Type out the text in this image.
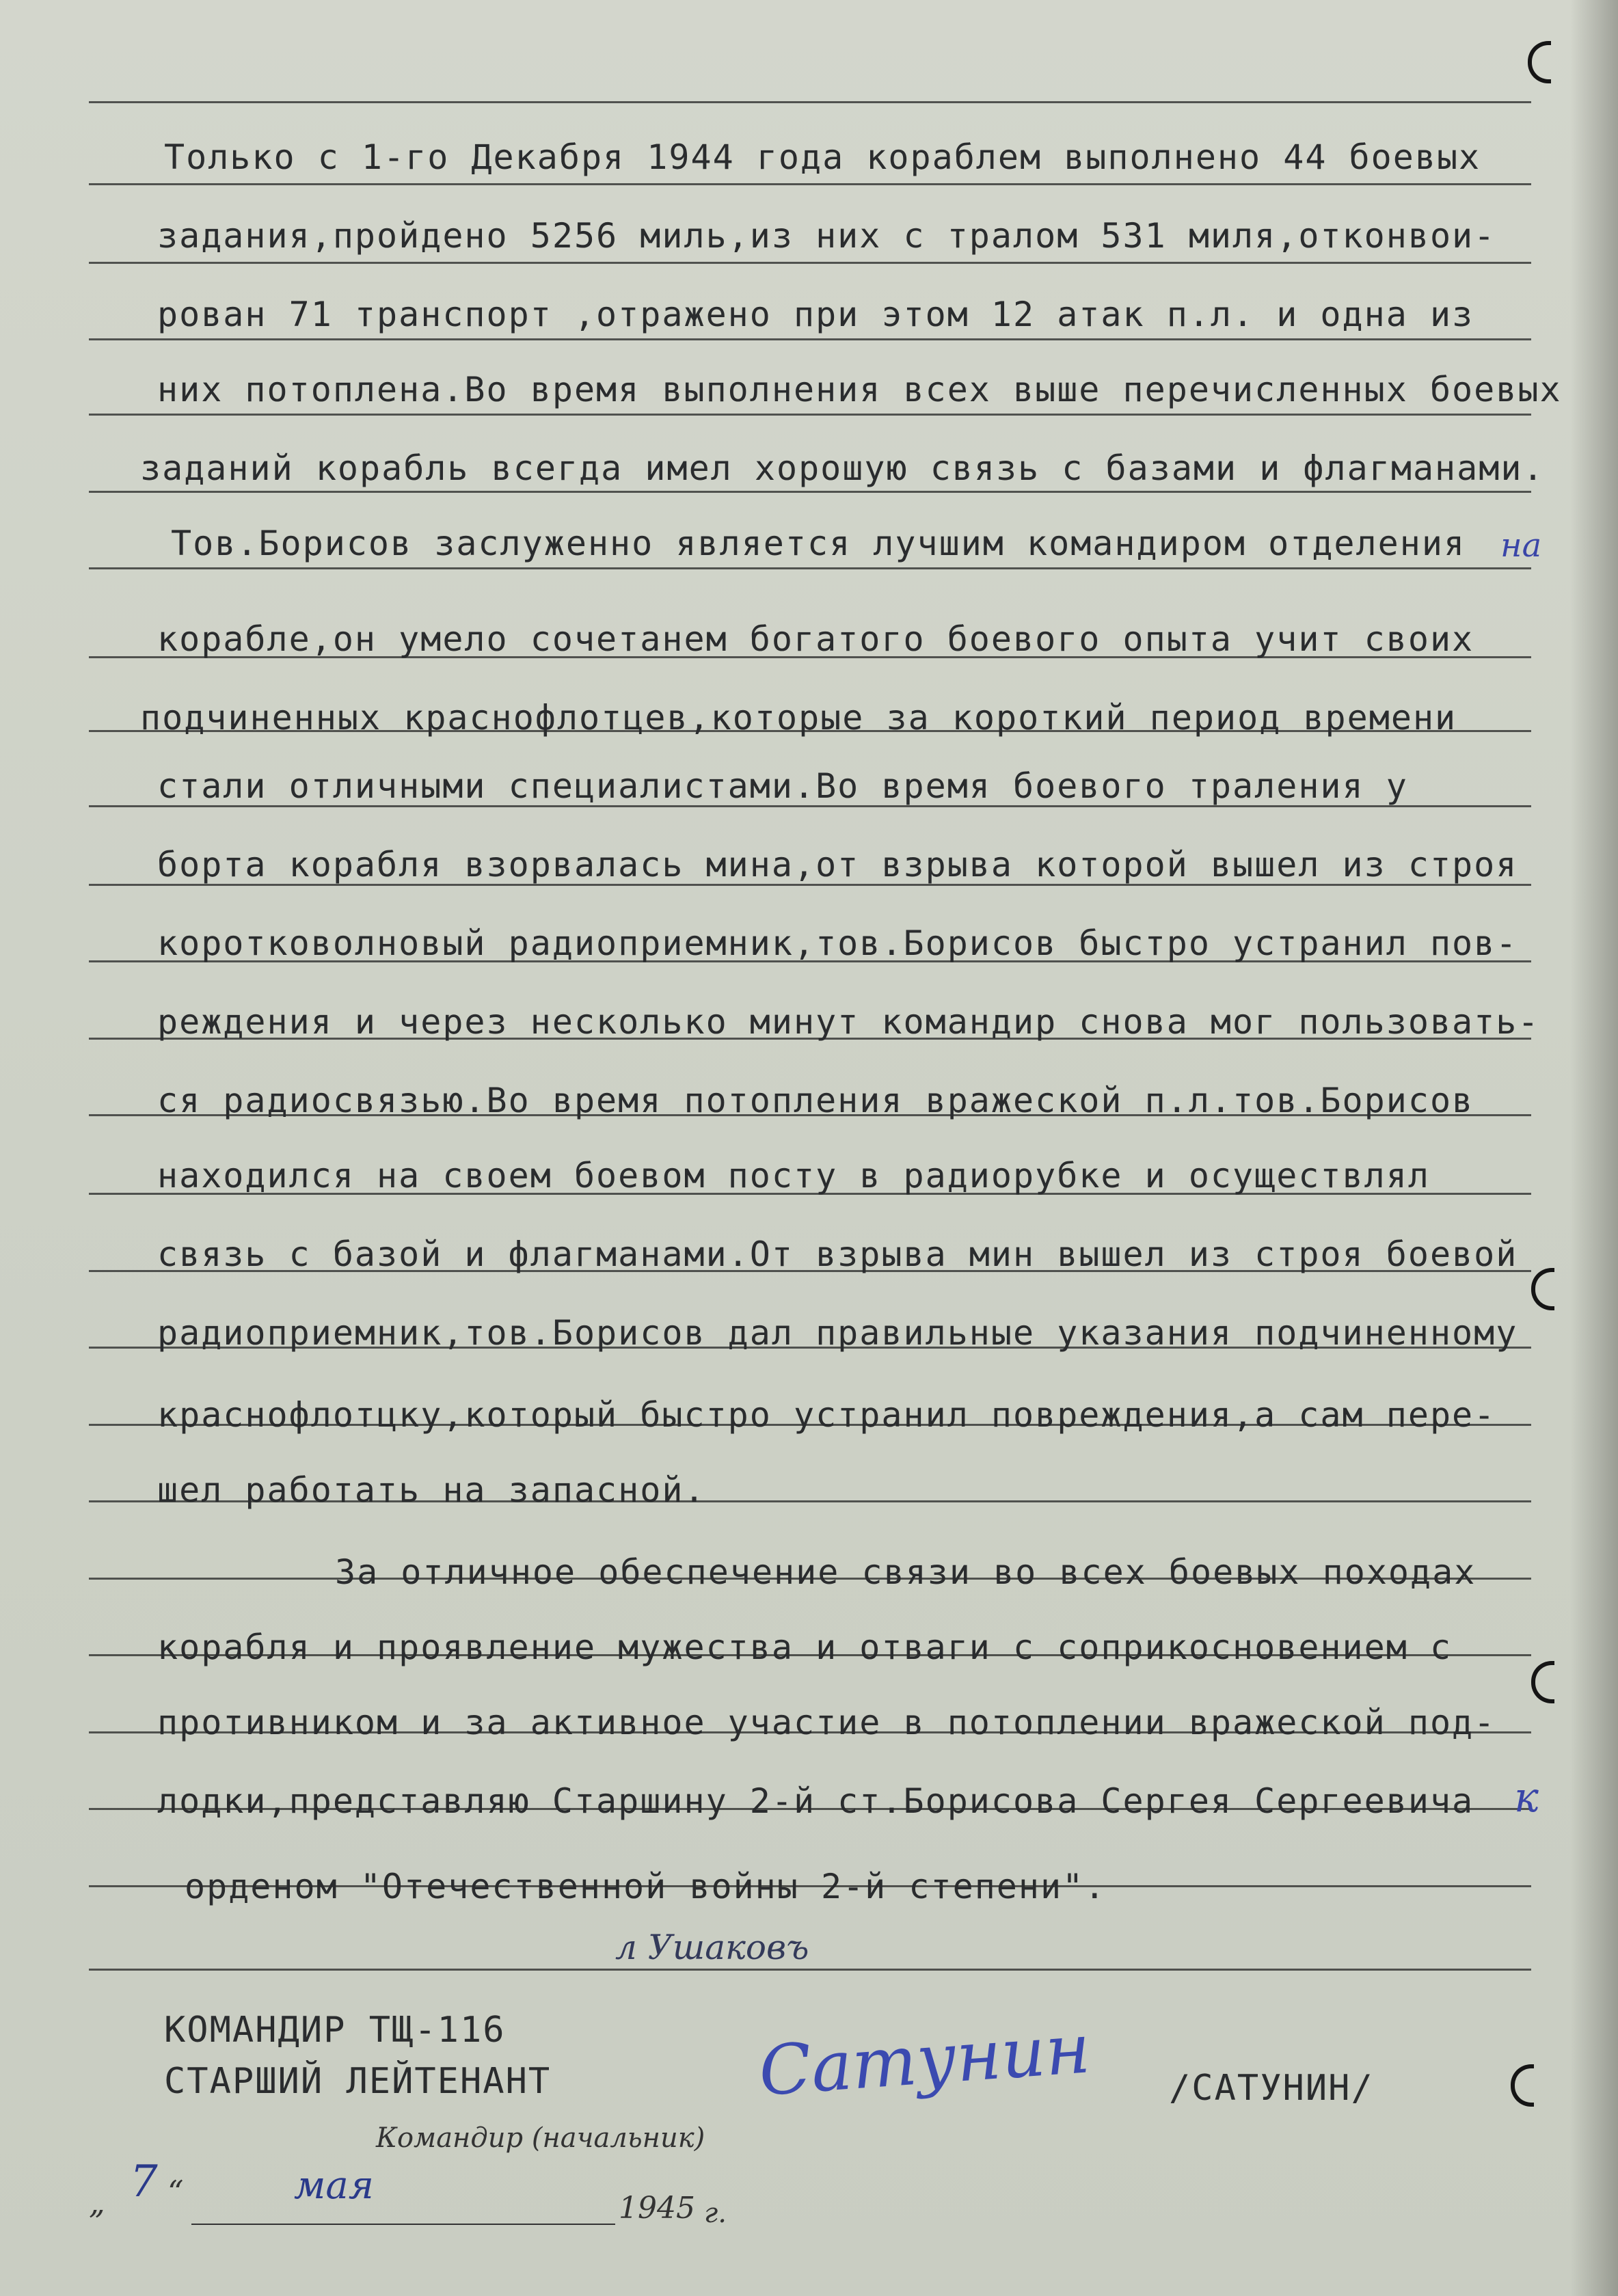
Только с 1-го Декабря 1944 года кораблем выполнено 44 боевых
задания,пройдено 5256 миль,из них с тралом 531 миля,отконвои-
рован 71 транспорт ,отражено при этом 12 атак п.л. и одна из
них потоплена.Во время выполнения всех выше перечисленных боевых
заданий корабль всегда имел хорошую связь с базами и флагманами.
Тов.Борисов заслуженно является лучшим командиром отделения
корабле,он умело сочетанем богатого боевого опыта учит своих
подчиненных краснофлотцев,которые за короткий период времени
стали отличными специалистами.Во время боевого траления у
борта корабля взорвалась мина,от взрыва которой вышел из строя
коротковолновый радиоприемник,тов.Борисов быстро устранил пов-
реждения и через несколько минут командир снова мог пользовать-
ся радиосвязью.Во время потопления вражеской п.л.тов.Борисов
находился на своем боевом посту в радиорубке и осуществлял
связь с базой и флагманами.От взрыва мин вышел из строя боевой
радиоприемник,тов.Борисов дал правильные указания подчиненному
краснофлотцку,который быстро устранил повреждения,а сам пере-
шел работать на запасной.
За отличное обеспечение связи во всех боевых походах
корабля и проявление мужества и отваги с соприкосновением с
противником и за активное участие в потоплении вражеской под-
лодки,представляю Старшину 2-й ст.Борисова Сергея Сергеевича
орденом "Отечественной войны 2-й степени".
на
к
л Ушаковъ
КОМАНДИР ТЩ-116
СТАРШИЙ ЛЕЙТЕНАНТ	/САТУНИН/
Сатунин
Командир (начальник)
„ 7 “	мая
1945 г.
